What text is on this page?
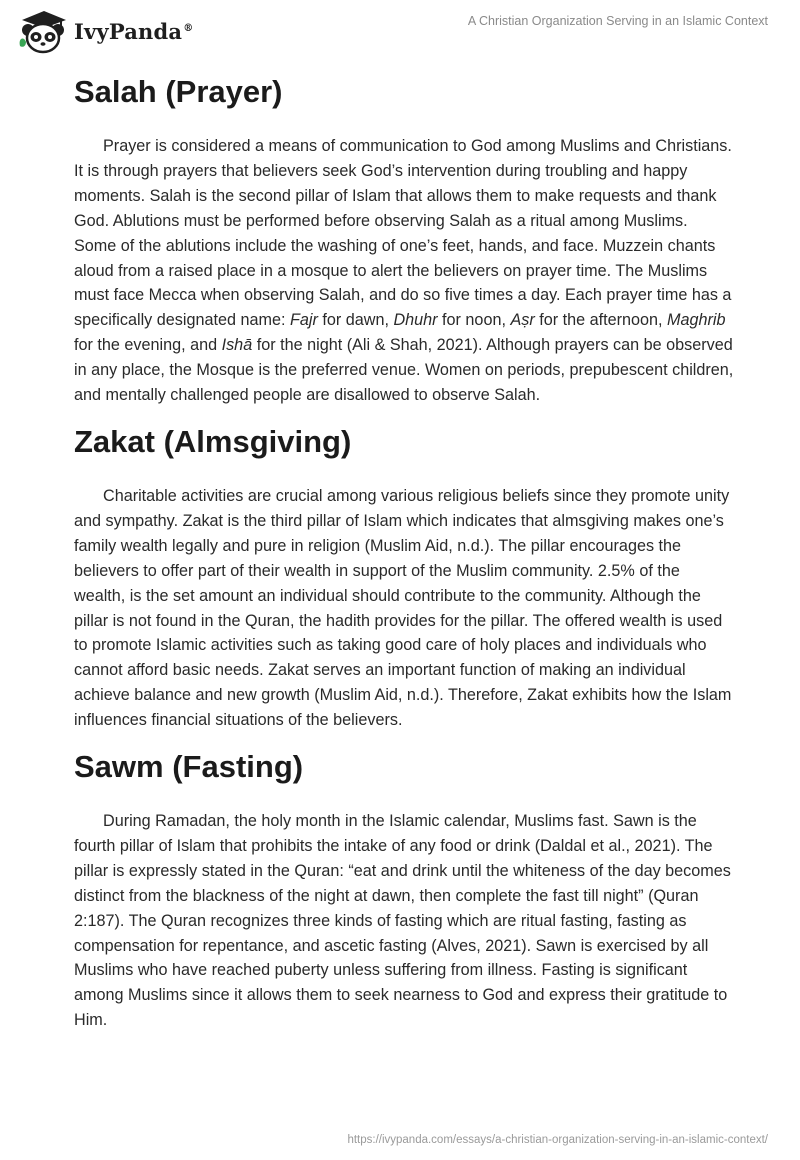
IvyPanda®	A Christian Organization Serving in an Islamic Context
Salah (Prayer)

Prayer is considered a means of communication to God among Muslims and Christians. It is through prayers that believers seek God’s intervention during troubling and happy moments. Salah is the second pillar of Islam that allows them to make requests and thank God. Ablutions must be performed before observing Salah as a ritual among Muslims. Some of the ablutions include the washing of one’s feet, hands, and face. Muzzein chants aloud from a raised place in a mosque to alert the believers on prayer time. The Muslims must face Mecca when observing Salah, and do so five times a day. Each prayer time has a specifically designated name: Fajr for dawn, Dhuhr for noon, Aṣr for the afternoon, Maghrib for the evening, and Ishā for the night (Ali & Shah, 2021). Although prayers can be observed in any place, the Mosque is the preferred venue. Women on periods, prepubescent children, and mentally challenged people are disallowed to observe Salah.

Zakat (Almsgiving)

Charitable activities are crucial among various religious beliefs since they promote unity and sympathy. Zakat is the third pillar of Islam which indicates that almsgiving makes one’s family wealth legally and pure in religion (Muslim Aid, n.d.). The pillar encourages the believers to offer part of their wealth in support of the Muslim community. 2.5% of the wealth, is the set amount an individual should contribute to the community. Although the pillar is not found in the Quran, the hadith provides for the pillar. The offered wealth is used to promote Islamic activities such as taking good care of holy places and individuals who cannot afford basic needs. Zakat serves an important function of making an individual achieve balance and new growth (Muslim Aid, n.d.). Therefore, Zakat exhibits how the Islam influences financial situations of the believers.

Sawm (Fasting)

During Ramadan, the holy month in the Islamic calendar, Muslims fast. Sawn is the fourth pillar of Islam that prohibits the intake of any food or drink (Daldal et al., 2021). The pillar is expressly stated in the Quran: “eat and drink until the whiteness of the day becomes distinct from the blackness of the night at dawn, then complete the fast till night” (Quran 2:187). The Quran recognizes three kinds of fasting which are ritual fasting, fasting as compensation for repentance, and ascetic fasting (Alves, 2021). Sawn is exercised by all Muslims who have reached puberty unless suffering from illness. Fasting is significant among Muslims since it allows them to seek nearness to God and express their gratitude to Him.

https://ivypanda.com/essays/a-christian-organization-serving-in-an-islamic-context/
